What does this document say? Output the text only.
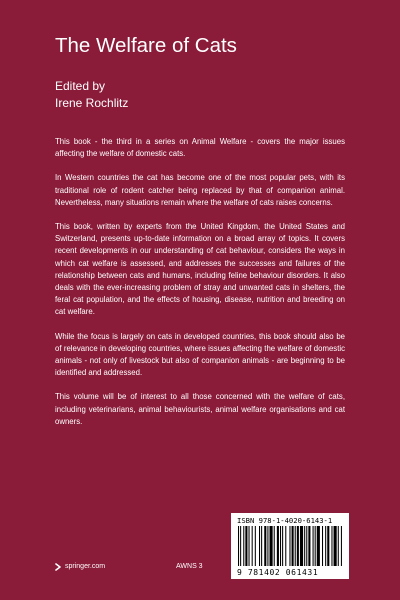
The Welfare of Cats
Edited by
Irene Rochlitz

This book - the third in a series on Animal Welfare - covers the major issues affecting the welfare of domestic cats.

In Western countries the cat has become one of the most popular pets, with its traditional role of rodent catcher being replaced by that of companion animal. Nevertheless, many situations remain where the welfare of cats raises concerns.

This book, written by experts from the United Kingdom, the United States and Switzerland, presents up-to-date information on a broad array of topics. It covers recent developments in our understanding of cat behaviour, considers the ways in which cat welfare is assessed, and addresses the successes and failures of the relationship between cats and humans, including feline behaviour disorders. It also deals with the ever-increasing problem of stray and unwanted cats in shelters, the feral cat population, and the effects of housing, disease, nutrition and breeding on cat welfare.

While the focus is largely on cats in developed countries, this book should also be of relevance in developing countries, where issues affecting the welfare of domestic animals - not only of livestock but also of companion animals - are beginning to be identified and addressed.

This volume will be of interest to all those concerned with the welfare of cats, including veterinarians, animal behaviourists, animal welfare organisations and cat owners.

springer.com	AWNS 3
ISBN 978-1-4020-6143-1
9 781402 061431
